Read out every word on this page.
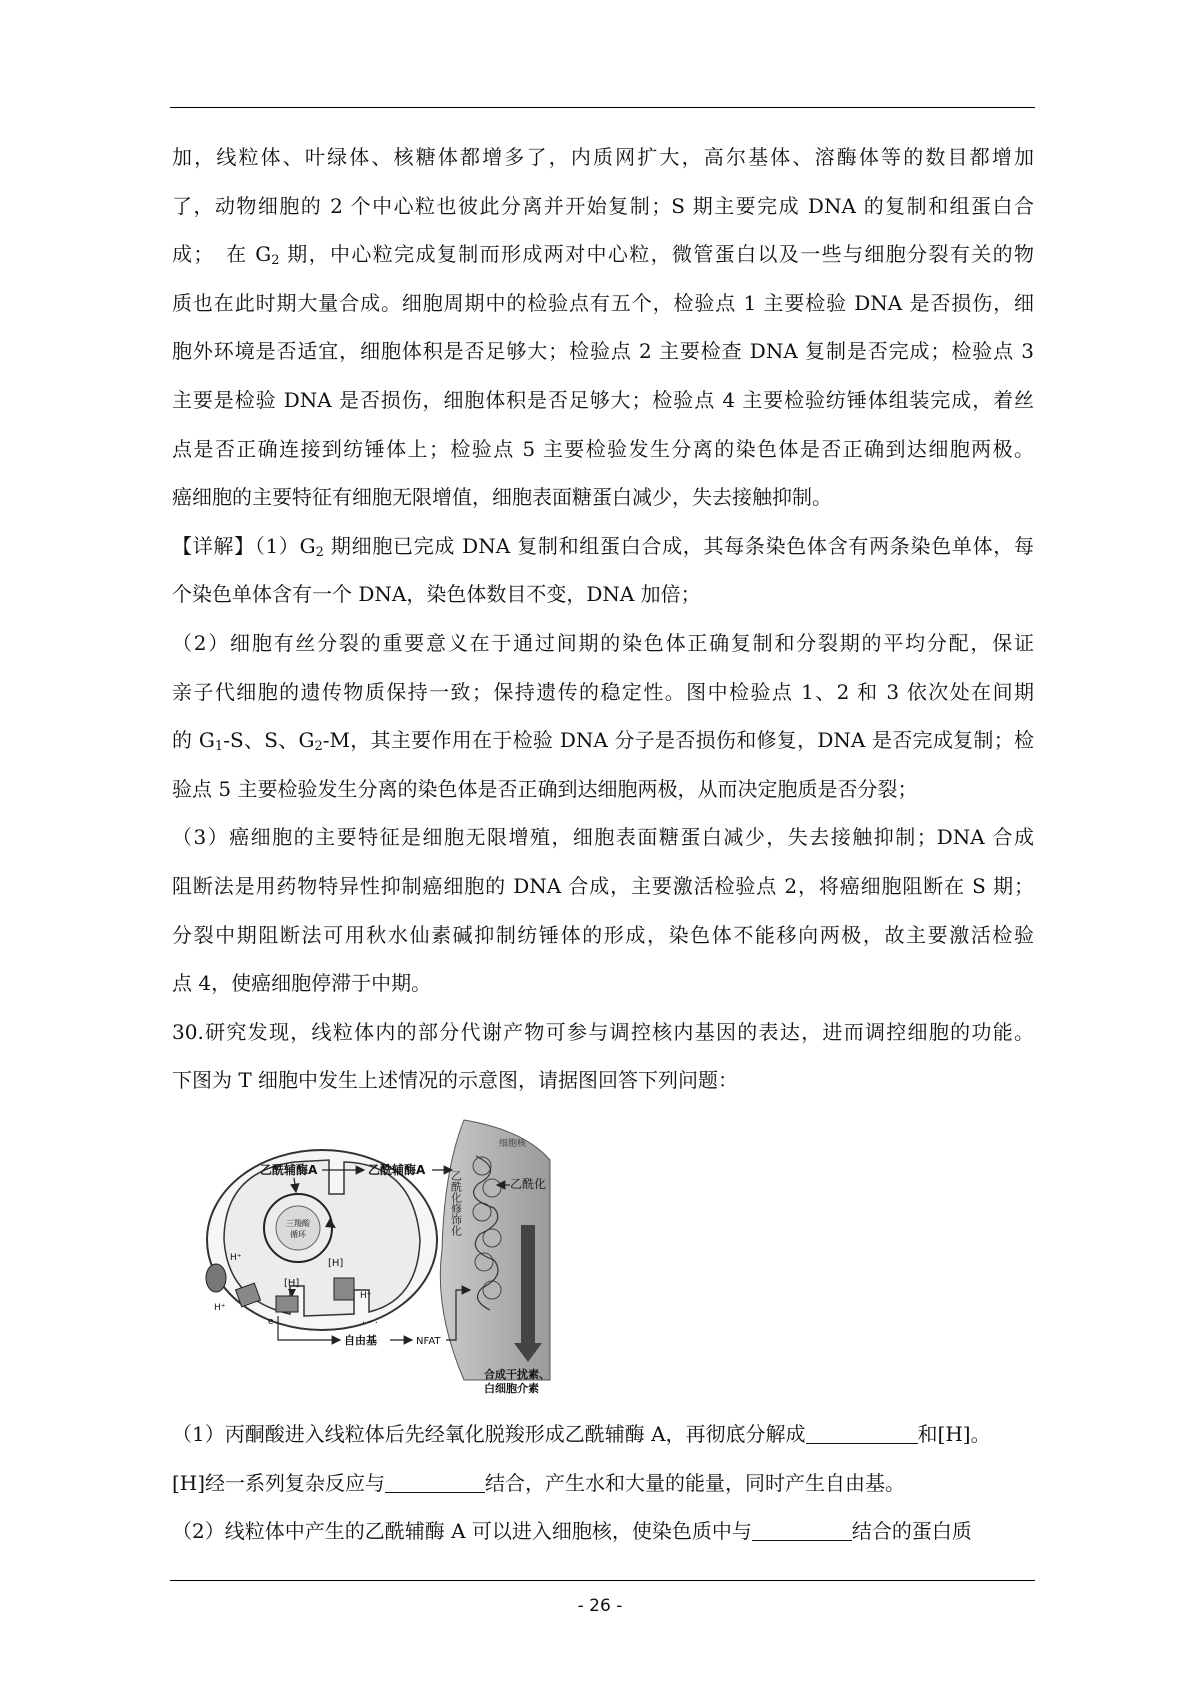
加，线粒体、叶绿体、核糖体都增多了，内质网扩大，高尔基体、溶酶体等的数目都增加
了，动物细胞的 2 个中心粒也彼此分离并开始复制；S 期主要完成 DNA 的复制和组蛋白合
成；　在 $G_2$ 期，中心粒完成复制而形成两对中心粒，微管蛋白以及一些与细胞分裂有关的物
质也在此时期大量合成。细胞周期中的检验点有五个，检验点 1 主要检验 DNA 是否损伤，细
胞外环境是否适宜，细胞体积是否足够大；检验点 2 主要检查 DNA 复制是否完成；检验点 3
主要是检验 DNA 是否损伤，细胞体积是否足够大；检验点 4 主要检验纺锤体组装完成，着丝
点是否正确连接到纺锤体上；检验点 5 主要检验发生分离的染色体是否正确到达细胞两极。
癌细胞的主要特征有细胞无限增值，细胞表面糖蛋白减少，失去接触抑制。
【详解】$(1)G_2$ 期细胞已完成 DNA 复制和组蛋白合成，其每条染色体含有两条染色单体，每
个染色单体含有一个 DNA，染色体数目不变，DNA 加倍；
（2）细胞有丝分裂的重要意义在于通过间期的染色体正确复制和分裂期的平均分配，保证
亲子代细胞的遗传物质保持一致；保持遗传的稳定性。图中检验点 1、2 和 3 依次处在间期
的 $G_1-S$、S、$G_2-M$，其主要作用在于检验 DNA 分子是否损伤和修复，DNA 是否完成复制；检
验点 5 主要检验发生分离的染色体是否正确到达细胞两极，从而决定胞质是否分裂；
（3）癌细胞的主要特征是细胞无限增殖，细胞表面糖蛋白减少，失去接触抑制；DNA 合成
阻断法是用药物特异性抑制癌细胞的 DNA 合成，主要激活检验点 2，将癌细胞阻断在 S 期；
分裂中期阻断法可用秋水仙素碱抑制纺锤体的形成，染色体不能移向两极，故主要激活检验
点 4，使癌细胞停滞于中期。
30.研究发现，线粒体内的部分代谢产物可参与调控核内基因的表达，进而调控细胞的功能。
下图为 T 细胞中发生上述情况的示意图，请据图回答下列问题：
细胞核
乙酰化修饰化	乙酰化
合成干扰素、
白细胞介素
乙酰辅酶A	乙酰辅酶A
三羧酸
循环
H⁺
H⁺
e
[H]
[H]
H⁺
· · ·
自由基	NFAT
（1）丙酮酸进入线粒体后先经氧化脱羧形成乙酰辅酶 A，再彻底分解成	和[H]。
[H]经一系列复杂反应与	结合，产生水和大量的能量，同时产生自由基。
（2）线粒体中产生的乙酰辅酶 A 可以进入细胞核，使染色质中与	结合的蛋白质
- 26 -
